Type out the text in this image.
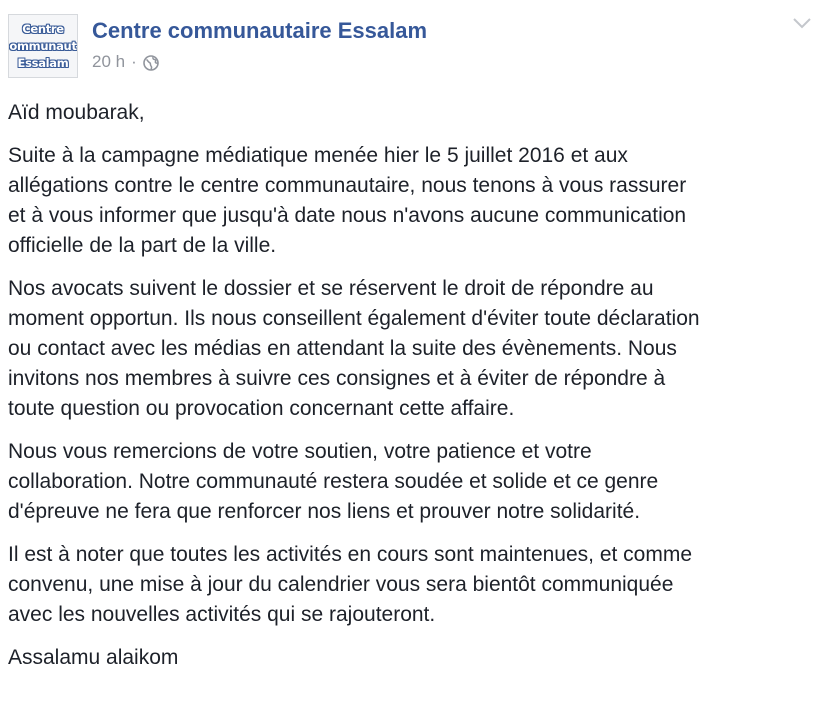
Centre
ommunaut
Essalam
Centre communautaire Essalam
20 h ·

Aïd moubarak,

Suite à la campagne médiatique menée hier le 5 juillet 2016 et aux
allégations contre le centre communautaire, nous tenons à vous rassurer
et à vous informer que jusqu'à date nous n'avons aucune communication
officielle de la part de la ville.

Nos avocats suivent le dossier et se réservent le droit de répondre au
moment opportun. Ils nous conseillent également d'éviter toute déclaration
ou contact avec les médias en attendant la suite des évènements. Nous
invitons nos membres à suivre ces consignes et à éviter de répondre à
toute question ou provocation concernant cette affaire.

Nous vous remercions de votre soutien, votre patience et votre
collaboration. Notre communauté restera soudée et solide et ce genre
d'épreuve ne fera que renforcer nos liens et prouver notre solidarité.

Il est à noter que toutes les activités en cours sont maintenues, et comme
convenu, une mise à jour du calendrier vous sera bientôt communiquée
avec les nouvelles activités qui se rajouteront.

Assalamu alaikom
